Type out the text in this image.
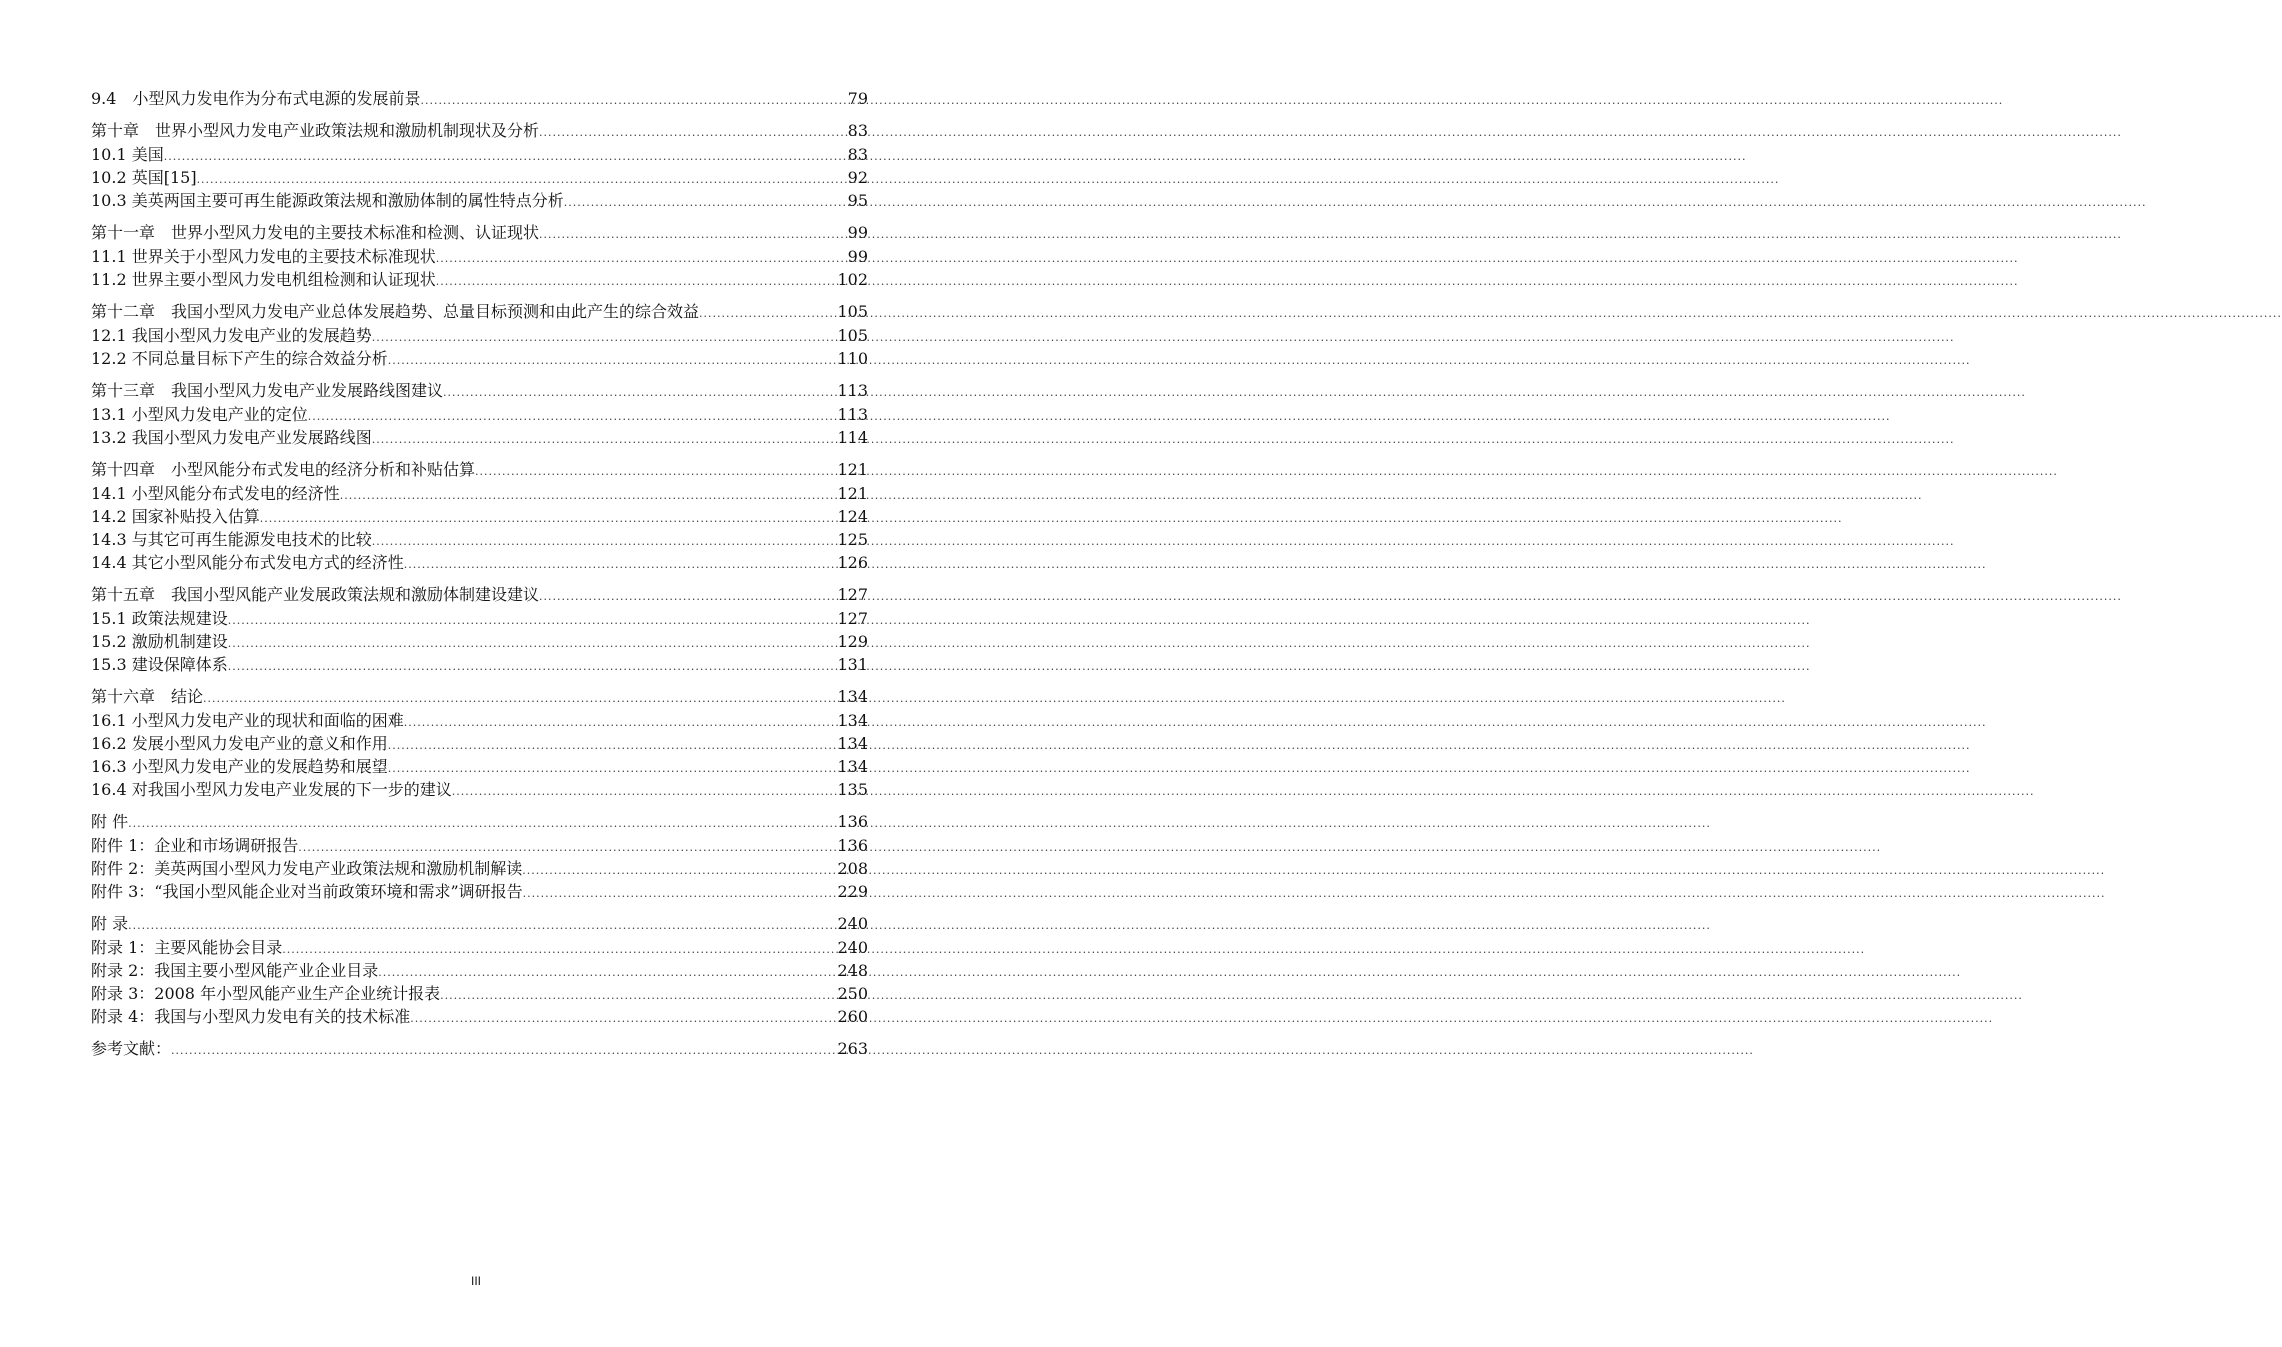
9.4　小型风力发电作为分布式电源的发展前景 .....	79
第十章　世界小型风力发电产业政策法规和激励机制现状及分析 .....	83
10.1 美国 .....	83
10.2 英国[15] .....	92
10.3 美英两国主要可再生能源政策法规和激励体制的属性特点分析 .....	95
第十一章　世界小型风力发电的主要技术标准和检测、认证现状 .....	99
11.1 世界关于小型风力发电的主要技术标准现状 .....	99
11.2 世界主要小型风力发电机组检测和认证现状 .....	102
第十二章　我国小型风力发电产业总体发展趋势、总量目标预测和由此产生的综合效益 .....	105
12.1 我国小型风力发电产业的发展趋势 .....	105
12.2 不同总量目标下产生的综合效益分析 .....	110
第十三章　我国小型风力发电产业发展路线图建议 .....	113
13.1 小型风力发电产业的定位 .....	113
13.2 我国小型风力发电产业发展路线图 .....	114
第十四章　小型风能分布式发电的经济分析和补贴估算 .....	121
14.1 小型风能分布式发电的经济性 .....	121
14.2 国家补贴投入估算 .....	124
14.3 与其它可再生能源发电技术的比较 .....	125
14.4 其它小型风能分布式发电方式的经济性 .....	126
第十五章　我国小型风能产业发展政策法规和激励体制建设建议 .....	127
15.1 政策法规建设 .....	127
15.2 激励机制建设 .....	129
15.3 建设保障体系 .....	131
第十六章　结论 .....	134
16.1 小型风力发电产业的现状和面临的困难 .....	134
16.2 发展小型风力发电产业的意义和作用 .....	134
16.3 小型风力发电产业的发展趋势和展望 .....	134
16.4 对我国小型风力发电产业发展的下一步的建议 .....	135
附 件 .....	136
附件 1：企业和市场调研报告 .....	136
附件 2：美英两国小型风力发电产业政策法规和激励机制解读 .....	208
附件 3：“我国小型风能企业对当前政策环境和需求”调研报告 .....	229
附 录 .....	240
附录 1：主要风能协会目录 .....	240
附录 2：我国主要小型风能产业企业目录 .....	248
附录 3：2008 年小型风能产业生产企业统计报表 .....	250
附录 4：我国与小型风力发电有关的技术标准 .....	260
参考文献： .....	263
III
